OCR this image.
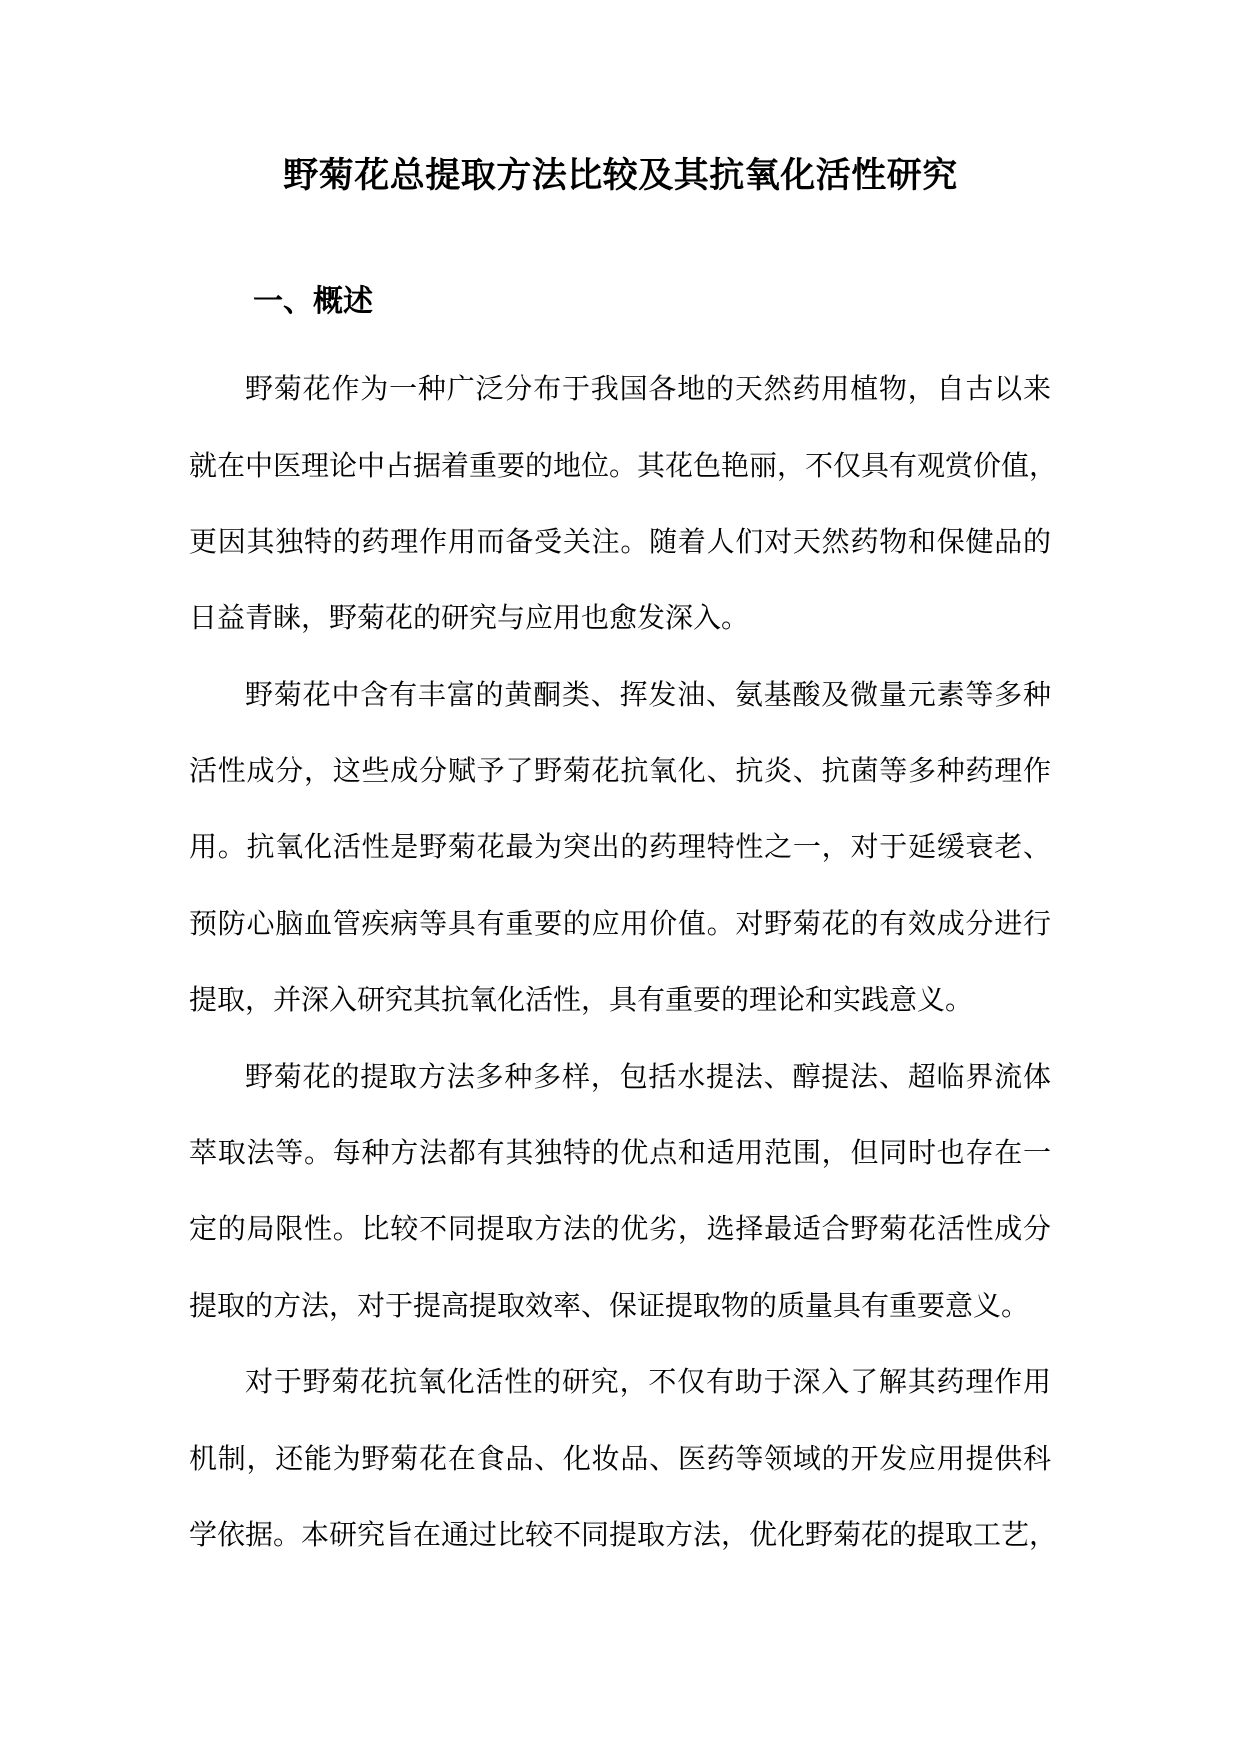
野菊花总提取方法比较及其抗氧化活性研究
一、概述
野菊花作为一种广泛分布于我国各地的天然药用植物，自古以来
就在中医理论中占据着重要的地位。其花色艳丽，不仅具有观赏价值，
更因其独特的药理作用而备受关注。随着人们对天然药物和保健品的
日益青睐，野菊花的研究与应用也愈发深入。
野菊花中含有丰富的黄酮类、挥发油、氨基酸及微量元素等多种
活性成分，这些成分赋予了野菊花抗氧化、抗炎、抗菌等多种药理作
用。抗氧化活性是野菊花最为突出的药理特性之一，对于延缓衰老、
预防心脑血管疾病等具有重要的应用价值。对野菊花的有效成分进行
提取，并深入研究其抗氧化活性，具有重要的理论和实践意义。
野菊花的提取方法多种多样，包括水提法、醇提法、超临界流体
萃取法等。每种方法都有其独特的优点和适用范围，但同时也存在一
定的局限性。比较不同提取方法的优劣，选择最适合野菊花活性成分
提取的方法，对于提高提取效率、保证提取物的质量具有重要意义。
对于野菊花抗氧化活性的研究，不仅有助于深入了解其药理作用
机制，还能为野菊花在食品、化妆品、医药等领域的开发应用提供科
学依据。本研究旨在通过比较不同提取方法，优化野菊花的提取工艺，
